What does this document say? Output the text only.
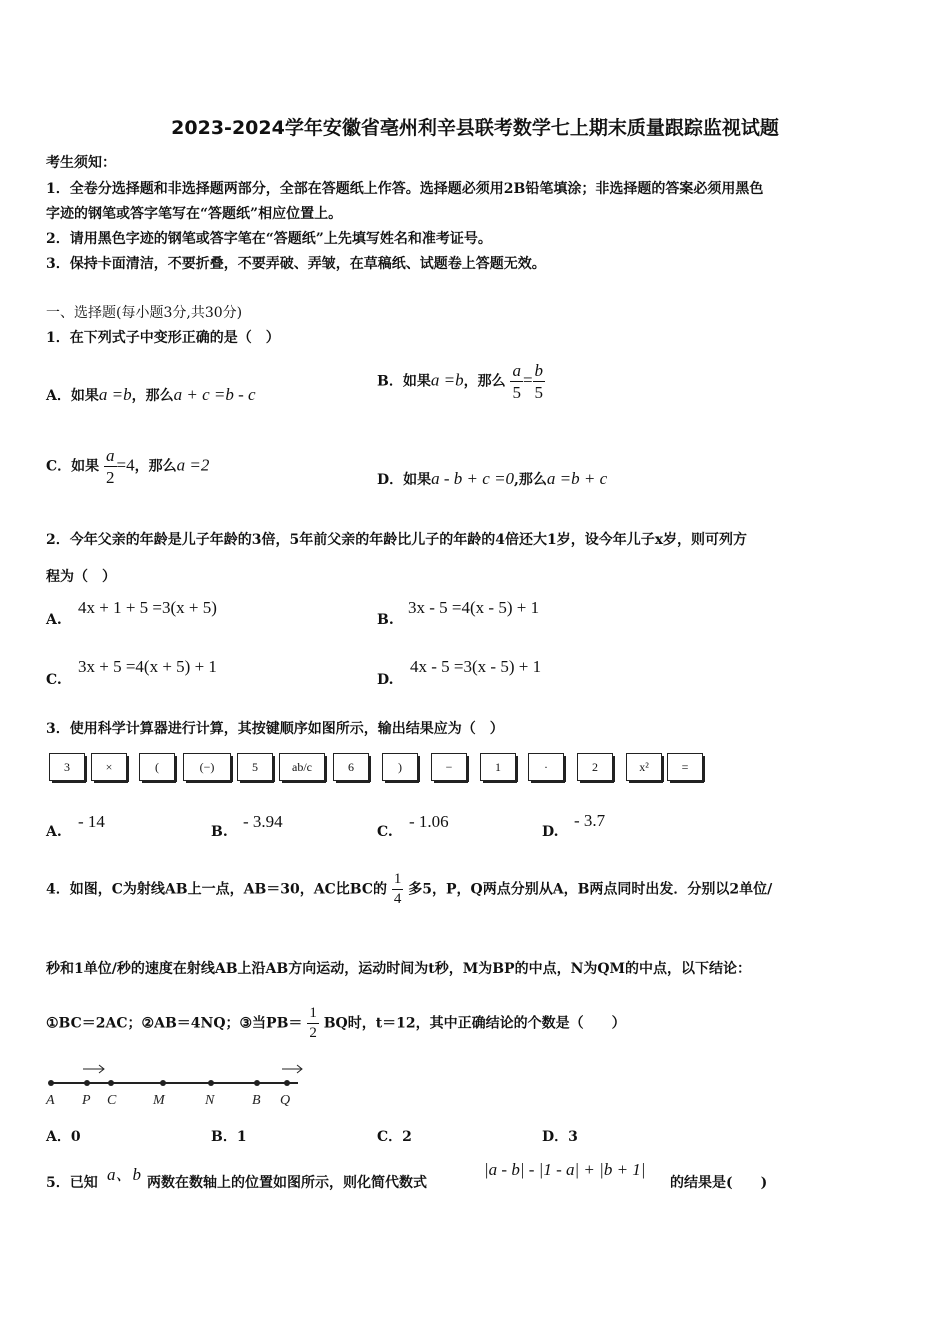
2023-2024学年安徽省亳州利辛县联考数学七上期末质量跟踪监视试题
考生须知：
1．全卷分选择题和非选择题两部分，全部在答题纸上作答。选择题必须用2B铅笔填涂；非选择题的答案必须用黑色
字迹的钢笔或答字笔写在“答题纸”相应位置上。
2．请用黑色字迹的钢笔或答字笔在“答题纸”上先填写姓名和准考证号。
3．保持卡面清洁，不要折叠，不要弄破、弄皱，在草稿纸、试题卷上答题无效。
一、选择题(每小题3分,共30分)
1．在下列式子中变形正确的是（　）
A．如果a =b，那么a + c =b - c
B．如果a =b，那么 $\frac{a}{5} = \frac{b}{5}$
C．如果 $\frac{a}{2} =4$，那么a =2
D．如果a - b + c =0,那么a =b + c
2．今年父亲的年龄是儿子年龄的3倍，5年前父亲的年龄比儿子的年龄的4倍还大1岁，设今年儿子x岁，则可列方
程为（　）
A.
4x + 1 + 5 =3(x + 5)
B.
3x - 5 =4(x - 5) + 1
C.
3x + 5 =4(x + 5) + 1
D.
4x - 5 =3(x - 5) + 1
3．使用科学计算器进行计算，其按键顺序如图所示，输出结果应为（　）
3	×	(	(−)	5	ab/c	6	)	−	1	·	2	x²	=
A.
- 14
B.
- 3.94
C.
- 1.06
D.
- 3.7
4．如图，C为射线AB上一点，AB＝30，AC比BC的 $\frac{1}{4}$ 多5，P，Q两点分别从A，B两点同时出发．分别以2单位/
秒和1单位/秒的速度在射线AB上沿AB方向运动，运动时间为t秒，M为BP的中点，N为QM的中点，以下结论：
①BC＝2AC；②AB＝4NQ；③当$PB= \frac{1}{2}$ BQ时，t＝12，其中正确结论的个数是（　　）
A P C	M	N	B Q
A．0	B．1	C．2	D．3
5．已知 a、b 两数在数轴上的位置如图所示，则化简代数式
|a - b| - |1 - a| + |b + 1|
的结果是(　　)
